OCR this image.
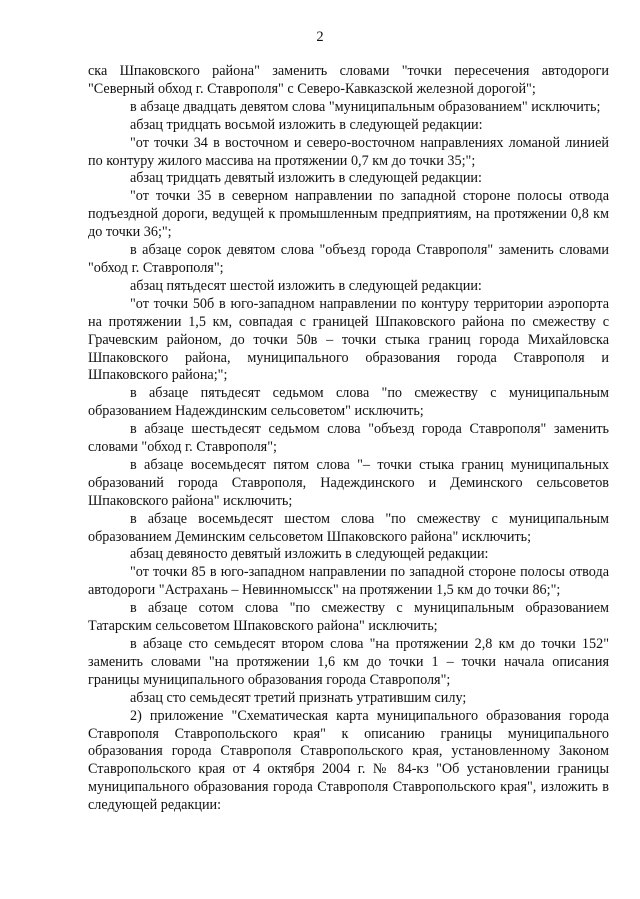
2

ска Шпаковского района" заменить словами "точки пересечения автодороги "Северный обход г. Ставрополя" с Северо-Кавказской железной дорогой";

в абзаце двадцать девятом слова "муниципальным образованием" исключить;

абзац тридцать восьмой изложить в следующей редакции:

"от точки 34 в восточном и северо-восточном направлениях ломаной линией по контуру жилого массива на протяжении 0,7 км до точки 35;";

абзац тридцать девятый изложить в следующей редакции:

"от точки 35 в северном направлении по западной стороне полосы отвода подъездной дороги, ведущей к промышленным предприятиям, на протяжении 0,8 км до точки 36;";

в абзаце сорок девятом слова "объезд города Ставрополя" заменить словами "обход г. Ставрополя";

абзац пятьдесят шестой изложить в следующей редакции:

"от точки 50б в юго-западном направлении по контуру территории аэропорта на протяжении 1,5 км, совпадая с границей Шпаковского района по смежеству с Грачевским районом, до точки 50в – точки стыка границ города Михайловска Шпаковского района, муниципального образования города Ставрополя и Шпаковского района;";

в абзаце пятьдесят седьмом слова "по смежеству с муниципальным образованием Надеждинским сельсоветом" исключить;

в абзаце шестьдесят седьмом слова "объезд города Ставрополя" заменить словами "обход г. Ставрополя";

в абзаце восемьдесят пятом слова "– точки стыка границ муниципальных образований города Ставрополя, Надеждинского и Деминского сельсоветов Шпаковского района" исключить;

в абзаце восемьдесят шестом слова "по смежеству с муниципальным образованием Деминским сельсоветом Шпаковского района" исключить;

абзац девяносто девятый изложить в следующей редакции:

"от точки 85 в юго-западном направлении по западной стороне полосы отвода автодороги "Астрахань – Невинномысск" на протяжении 1,5 км до точки 86;";

в абзаце сотом слова "по смежеству с муниципальным образованием Татарским сельсоветом Шпаковского района" исключить;

в абзаце сто семьдесят втором слова "на протяжении 2,8 км до точки 152" заменить словами "на протяжении 1,6 км до точки 1 – точки начала описания границы муниципального образования города Ставрополя";

абзац сто семьдесят третий признать утратившим силу;

2) приложение "Схематическая карта муниципального образования города Ставрополя Ставропольского края" к описанию границы муниципального образования города Ставрополя Ставропольского края, установленному Законом Ставропольского края от 4 октября 2004 г. № 84-кз "Об установлении границы муниципального образования города Ставрополя Ставропольского края", изложить в следующей редакции:
